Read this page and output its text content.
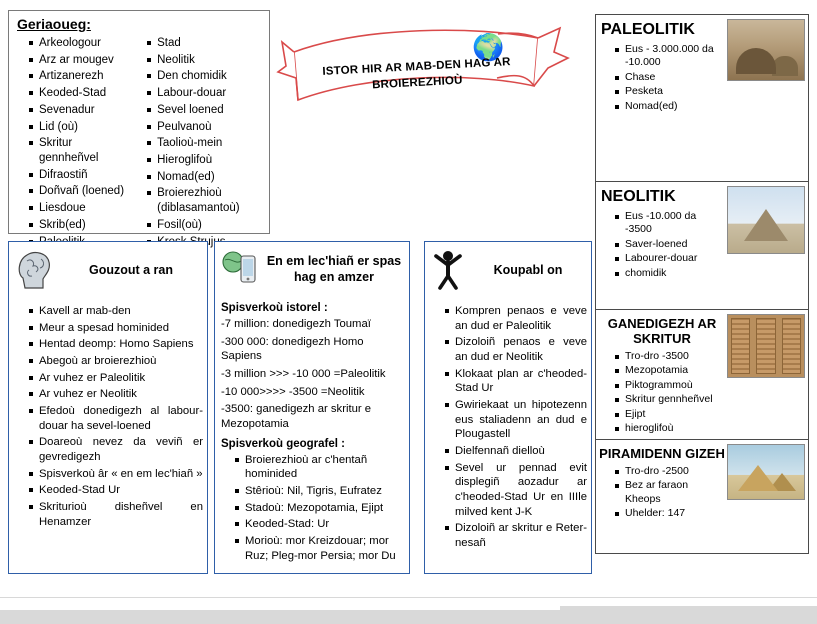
Geriaoueg:
Arkeologour
Arz ar mougev
Artizanerezh
Keoded-Stad
Sevenadur
Lid (où)
Skritur gennheñvel
Difraostiñ
Doñvañ (loened)
Liesdoue
Skrib(ed)
Stad
Neolitik
Den chomidik
Labour-douar
Sevel loened
Peulvanoù
Taolioù-mein
Hieroglifoù
Nomad(ed)
Broierezhioù (diblasamantoù)
Fosil(où)
🌍
ISTOR HIR AR MAB-DEN HAG AR BROIEREZHIOÙ
PALEOLITIK
Eus - 3.000.000 da -10.000
Chase
Pesketa
Nomad(ed)
NEOLITIK
Eus -10.000 da -3500
Saver-loened
Labourer-douar
chomidik
GANEDIGEZH AR SKRITUR
Tro-dro -3500
Mezopotamia
Piktogrammoù
Skritur gennheñvel
Ejipt
hieroglifoù
PIRAMIDENN GIZEH
Tro-dro -2500
Bez ar faraon Kheops
Uhelder: 147
Gouzout a ran
Kavell ar mab-den
Meur a spesad hominided
Hentad deomp: Homo Sapiens
Abegoù ar broierezhioù
Ar vuhez er Paleolitik
Ar vuhez er Neolitik
Efedoù donedigezh al labour-douar ha sevel-loened
Doareoù nevez da veviñ er gevredigezh
Spisverkoù âr « en em lec'hiañ »
Keoded-Stad Ur
Skriturioù disheñvel en Henamzer
En em lec'hiañ er spas hag en amzer
Spisverkoù istorel :

-7 million: donedigezh Toumaï

-300 000: donedigezh Homo Sapiens

-3 million >>> -10 000 =Paleolitik

-10 000>>>> -3500 =Neolitik

-3500: ganedigezh ar skritur e Mezopotamia

Spisverkoù geografel :
Broierezhioù ar c'hentañ hominided
Stêrioù: Nil, Tigris, Eufratez
Stadoù: Mezopotamia, Ejipt
Keoded-Stad: Ur
Morioù: mor Kreizdouar; mor Ruz; Pleg-mor Persia; mor Du
Koupabl on
Kompren penaos e veve an dud er Paleolitik
Dizoloiñ penaos e veve an dud er Neolitik
Klokaat plan ar c'heoded-Stad Ur
Gwiriekaat un hipotezenn eus staliadenn an dud e Plougastell
Dielfennañ dielloù
Sevel ur pennad evit displegiñ aozadur ar c'heoded-Stad Ur en IIIle milved kent J-K
Dizoloiñ ar skritur e Reter-nesañ
